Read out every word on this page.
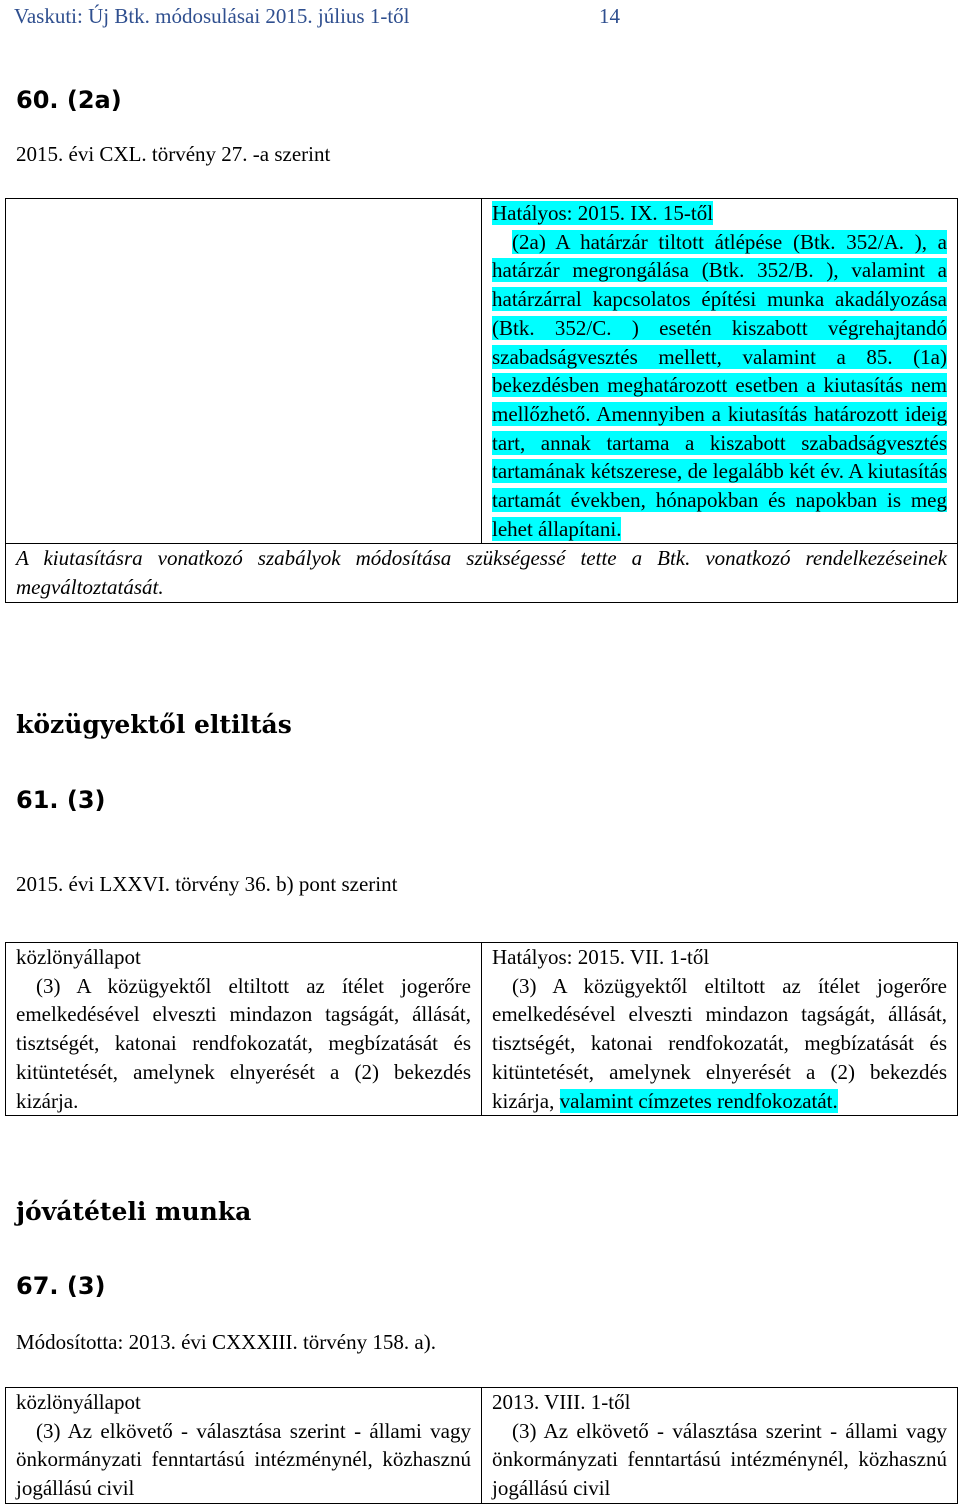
Vaskuti: Új Btk. módosulásai 2015. július 1-től	14
60. (2a)
2015. évi CXL. törvény 27. -a szerint

Hatályos: 2015. IX. 15-től
(2a) A határzár tiltott átlépése (Btk. 352/A. ), a határzár megrongálása (Btk. 352/B. ), valamint a határzárral kapcsolatos építési munka akadályozása (Btk. 352/C. ) esetén kiszabott végrehajtandó szabadságvesztés mellett, valamint a 85. (1a) bekezdésben meghatározott esetben a kiutasítás nem mellőzhető. Amennyiben a kiutasítás határozott ideig tart, annak tartama a kiszabott szabadságvesztés tartamának kétszerese, de legalább két év. A kiutasítás tartamát években, hónapokban és napokban is meg lehet állapítani.

A kiutasításra vonatkozó szabályok módosítása szükségessé tette a Btk. vonatkozó rendelkezéseinek megváltoztatását.
közügyektől eltiltás
61. (3)
2015. évi LXXVI. törvény 36. b) pont szerint
közlönyállapot
(3) A közügyektől eltiltott az ítélet jogerőre emelkedésével elveszti mindazon tagságát, állását, tisztségét, katonai rendfokozatát, megbízatását és kitüntetését, amelynek elnyerését a (2) bekezdés kizárja.

Hatályos: 2015. VII. 1-től
(3) A közügyektől eltiltott az ítélet jogerőre emelkedésével elveszti mindazon tagságát, állását, tisztségét, katonai rendfokozatát, megbízatását és kitüntetését, amelynek elnyerését a (2) bekezdés kizárja, valamint címzetes rendfokozatát.
jóvátételi munka
67. (3)
Módosította: 2013. évi CXXXIII. törvény 158. a).
közlönyállapot
(3) Az elkövető - választása szerint - állami vagy önkormányzati fenntartású intézménynél, közhasznú jogállású civil

2013. VIII. 1-től
(3) Az elkövető - választása szerint - állami vagy önkormányzati fenntartású intézménynél, közhasznú jogállású civil
